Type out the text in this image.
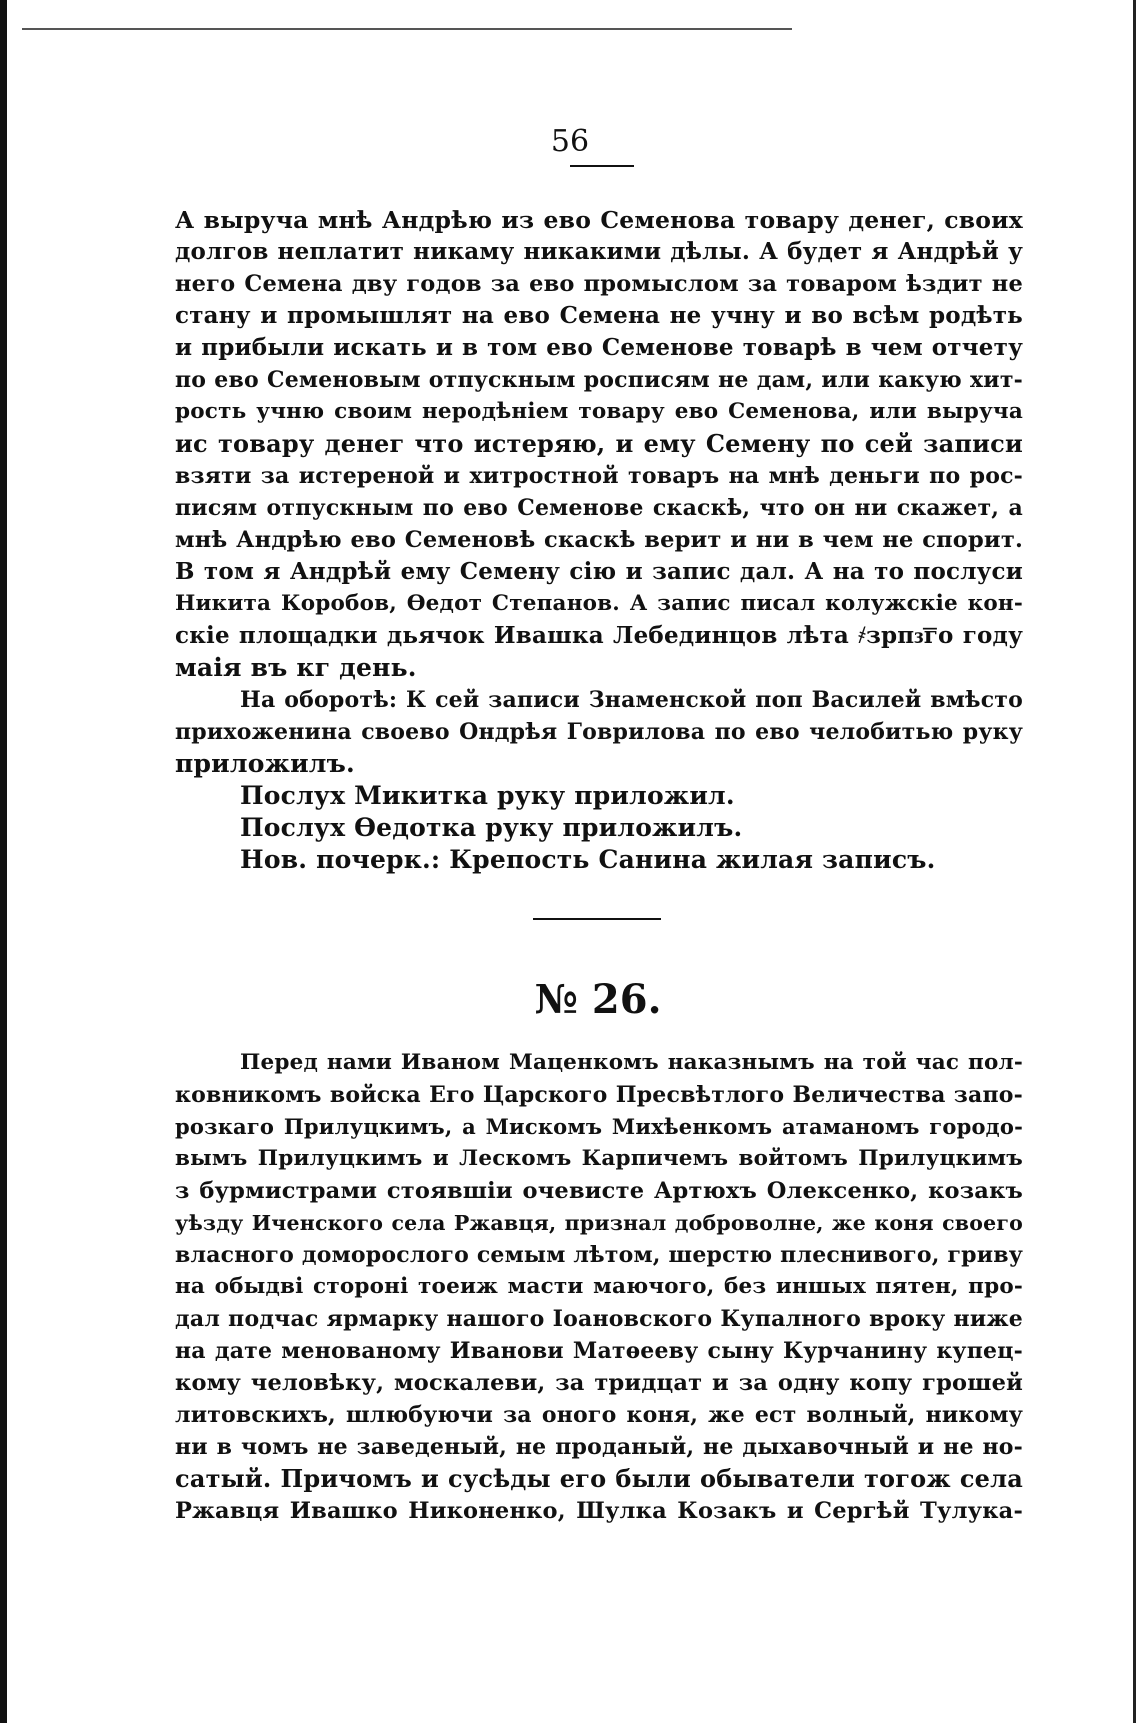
56
А выруча мнѣ Андрѣю из ево Семенова товару денег, своих
долгов неплатит никаму никакими дѣлы. А будет я Андрѣй у
него Семена дву годов за ево промыслом за товаром ѣздит не
стану и промышлят на ево Семена не учну и во всѣм родѣть
и прибыли искать и в том ево Семенове товарѣ в чем отчету
по ево Семеновым отпускным росписям не дам, или какую хит-
рость учню своим неродѣніем товару ево Семенова, или выруча
ис товару денег что истеряю, и ему Семену по сей записи
взяти за истереной и хитростной товаръ на мнѣ деньги по рос-
писям отпускным по ево Семенове скаскѣ, что он ни скажет, а
мнѣ Андрѣю ево Семеновѣ скаскѣ верит и ни в чем не спорит.
В том я Андрѣй ему Семену сію и запис дал. А на то послуси
Никита Коробов, Ѳедот Степанов. А запис писал колужскіе кон-
скіе площадки дьячок Ивашка Лебединцов лѣта ҂зрпз͞го году
маія въ кг день.
На оборотѣ: К сей записи Знаменской поп Василей вмѣсто
прихоженина своево Ондрѣя Говрилова по ево челобитью руку
приложилъ.
Послух Микитка руку приложил.
Послух Ѳедотка руку приложилъ.
Нов. почерк.: Крепость Санина жилая записъ.
№ 26.
Перед нами Иваном Маценкомъ наказнымъ на той час пол-
ковникомъ войска Его Царского Пресвѣтлого Величества запо-
розкаго Прилуцкимъ, а Мискомъ Михѣенкомъ атаманомъ городо-
вымъ Прилуцкимъ и Лескомъ Карпичемъ войтомъ Прилуцкимъ
з бурмистрами стоявшіи очевисте Артюхъ Олексенко, козакъ
уѣзду Иченского села Ржавця, признал доброволне, же коня своего
власного доморослого семым лѣтом, шерстю плеснивого, гриву
на обыдві стороні тоеиж масти маючого, без иншых пятен, про-
дал подчас ярмарку нашого Іоановского Купалного вроку ниже
на дате менованому Иванови Матѳееву сыну Курчанину купец-
кому человѣку, москалеви, за тридцат и за одну копу грошей
литовскихъ, шлюбуючи за оного коня, же ест волный, никому
ни в чомъ не заведеный, не проданый, не дыхавочный и не но-
сатый. Причомъ и сусѣды его были обыватели тогож села
Ржавця Ивашко Никоненко, Шулка Козакъ и Сергѣй Тулука-
